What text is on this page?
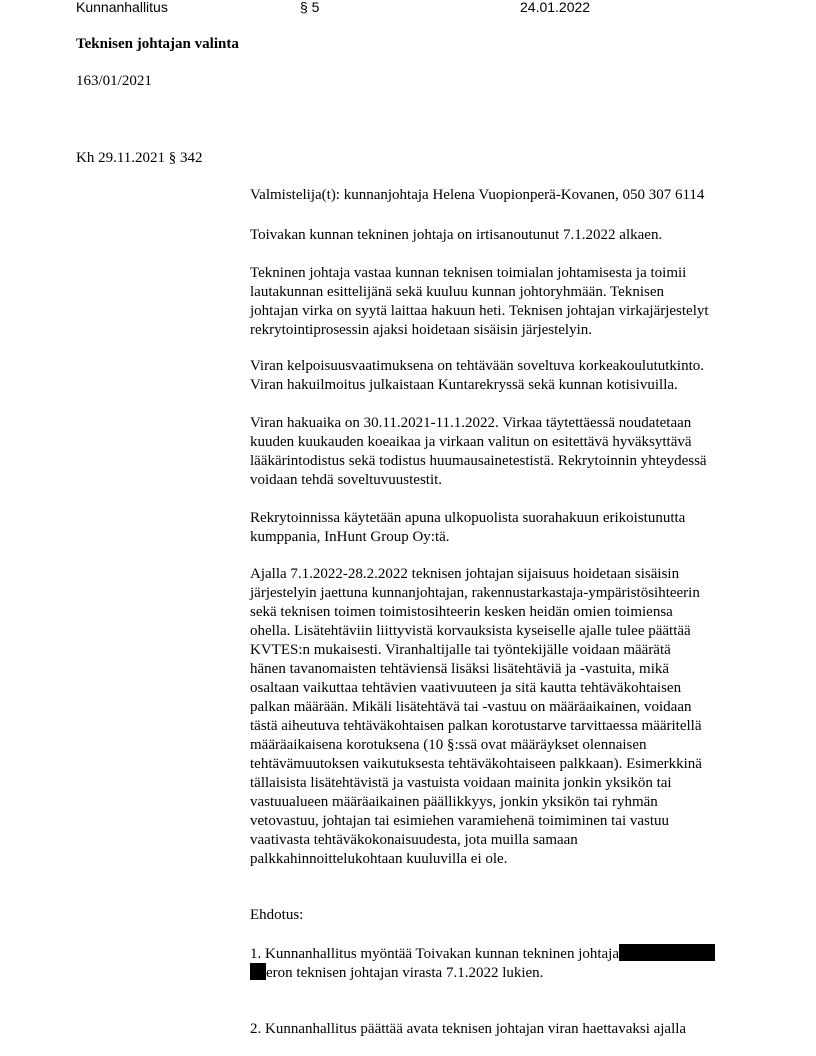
Kunnanhallitus	§ 5	24.01.2022
Teknisen johtajan valinta
163/01/2021
Kh 29.11.2021 § 342
Valmistelija(t): kunnanjohtaja Helena Vuopionperä-Kovanen, 050 307 6114
Toivakan kunnan tekninen johtaja on irtisanoutunut 7.1.2022 alkaen.
Tekninen johtaja vastaa kunnan teknisen toimialan johtamisesta ja toimii
lautakunnan esittelijänä sekä kuuluu kunnan johtoryhmään. Teknisen
johtajan virka on syytä laittaa hakuun heti. Teknisen johtajan virkajärjestelyt
rekrytointiprosessin ajaksi hoidetaan sisäisin järjestelyin.
Viran kelpoisuusvaatimuksena on tehtävään soveltuva korkeakoulututkinto.
Viran hakuilmoitus julkaistaan Kuntarekryssä sekä kunnan kotisivuilla.
Viran hakuaika on 30.11.2021-11.1.2022. Virkaa täytettäessä noudatetaan
kuuden kuukauden koeaikaa ja virkaan valitun on esitettävä hyväksyttävä
lääkärintodistus sekä todistus huumausainetestistä. Rekrytoinnin yhteydessä
voidaan tehdä soveltuvuustestit.
Rekrytoinnissa käytetään apuna ulkopuolista suorahakuun erikoistunutta
kumppania, InHunt Group Oy:tä.
Ajalla 7.1.2022-28.2.2022 teknisen johtajan sijaisuus hoidetaan sisäisin
järjestelyin jaettuna kunnanjohtajan, rakennustarkastaja-ympäristösihteerin
sekä teknisen toimen toimistosihteerin kesken heidän omien toimiensa
ohella. Lisätehtäviin liittyvistä korvauksista kyseiselle ajalle tulee päättää
KVTES:n mukaisesti. Viranhaltijalle tai työntekijälle voidaan määrätä
hänen tavanomaisten tehtäviensä lisäksi lisätehtäviä ja -vastuita, mikä
osaltaan vaikuttaa tehtävien vaativuuteen ja sitä kautta tehtäväkohtaisen
palkan määrään. Mikäli lisätehtävä tai -vastuu on määräaikainen, voidaan
tästä aiheutuva tehtäväkohtaisen palkan korotustarve tarvittaessa määritellä
määräaikaisena korotuksena (10 §:ssä ovat määräykset olennaisen
tehtävämuutoksen vaikutuksesta tehtäväkohtaiseen palkkaan). Esimerkkinä
tällaisista lisätehtävistä ja vastuista voidaan mainita jonkin yksikön tai
vastuualueen määräaikainen päällikkyys, jonkin yksikön tai ryhmän
vetovastuu, johtajan tai esimiehen varamiehenä toimiminen tai vastuu
vaativasta tehtäväkokonaisuudesta, jota muilla samaan
palkkahinnoittelukohtaan kuuluvilla ei ole.
Ehdotus:
1. Kunnanhallitus myöntää Toivakan kunnan tekninen johtaja
eron teknisen johtajan virasta 7.1.2022 lukien.
2. Kunnanhallitus päättää avata teknisen johtajan viran haettavaksi ajalla
